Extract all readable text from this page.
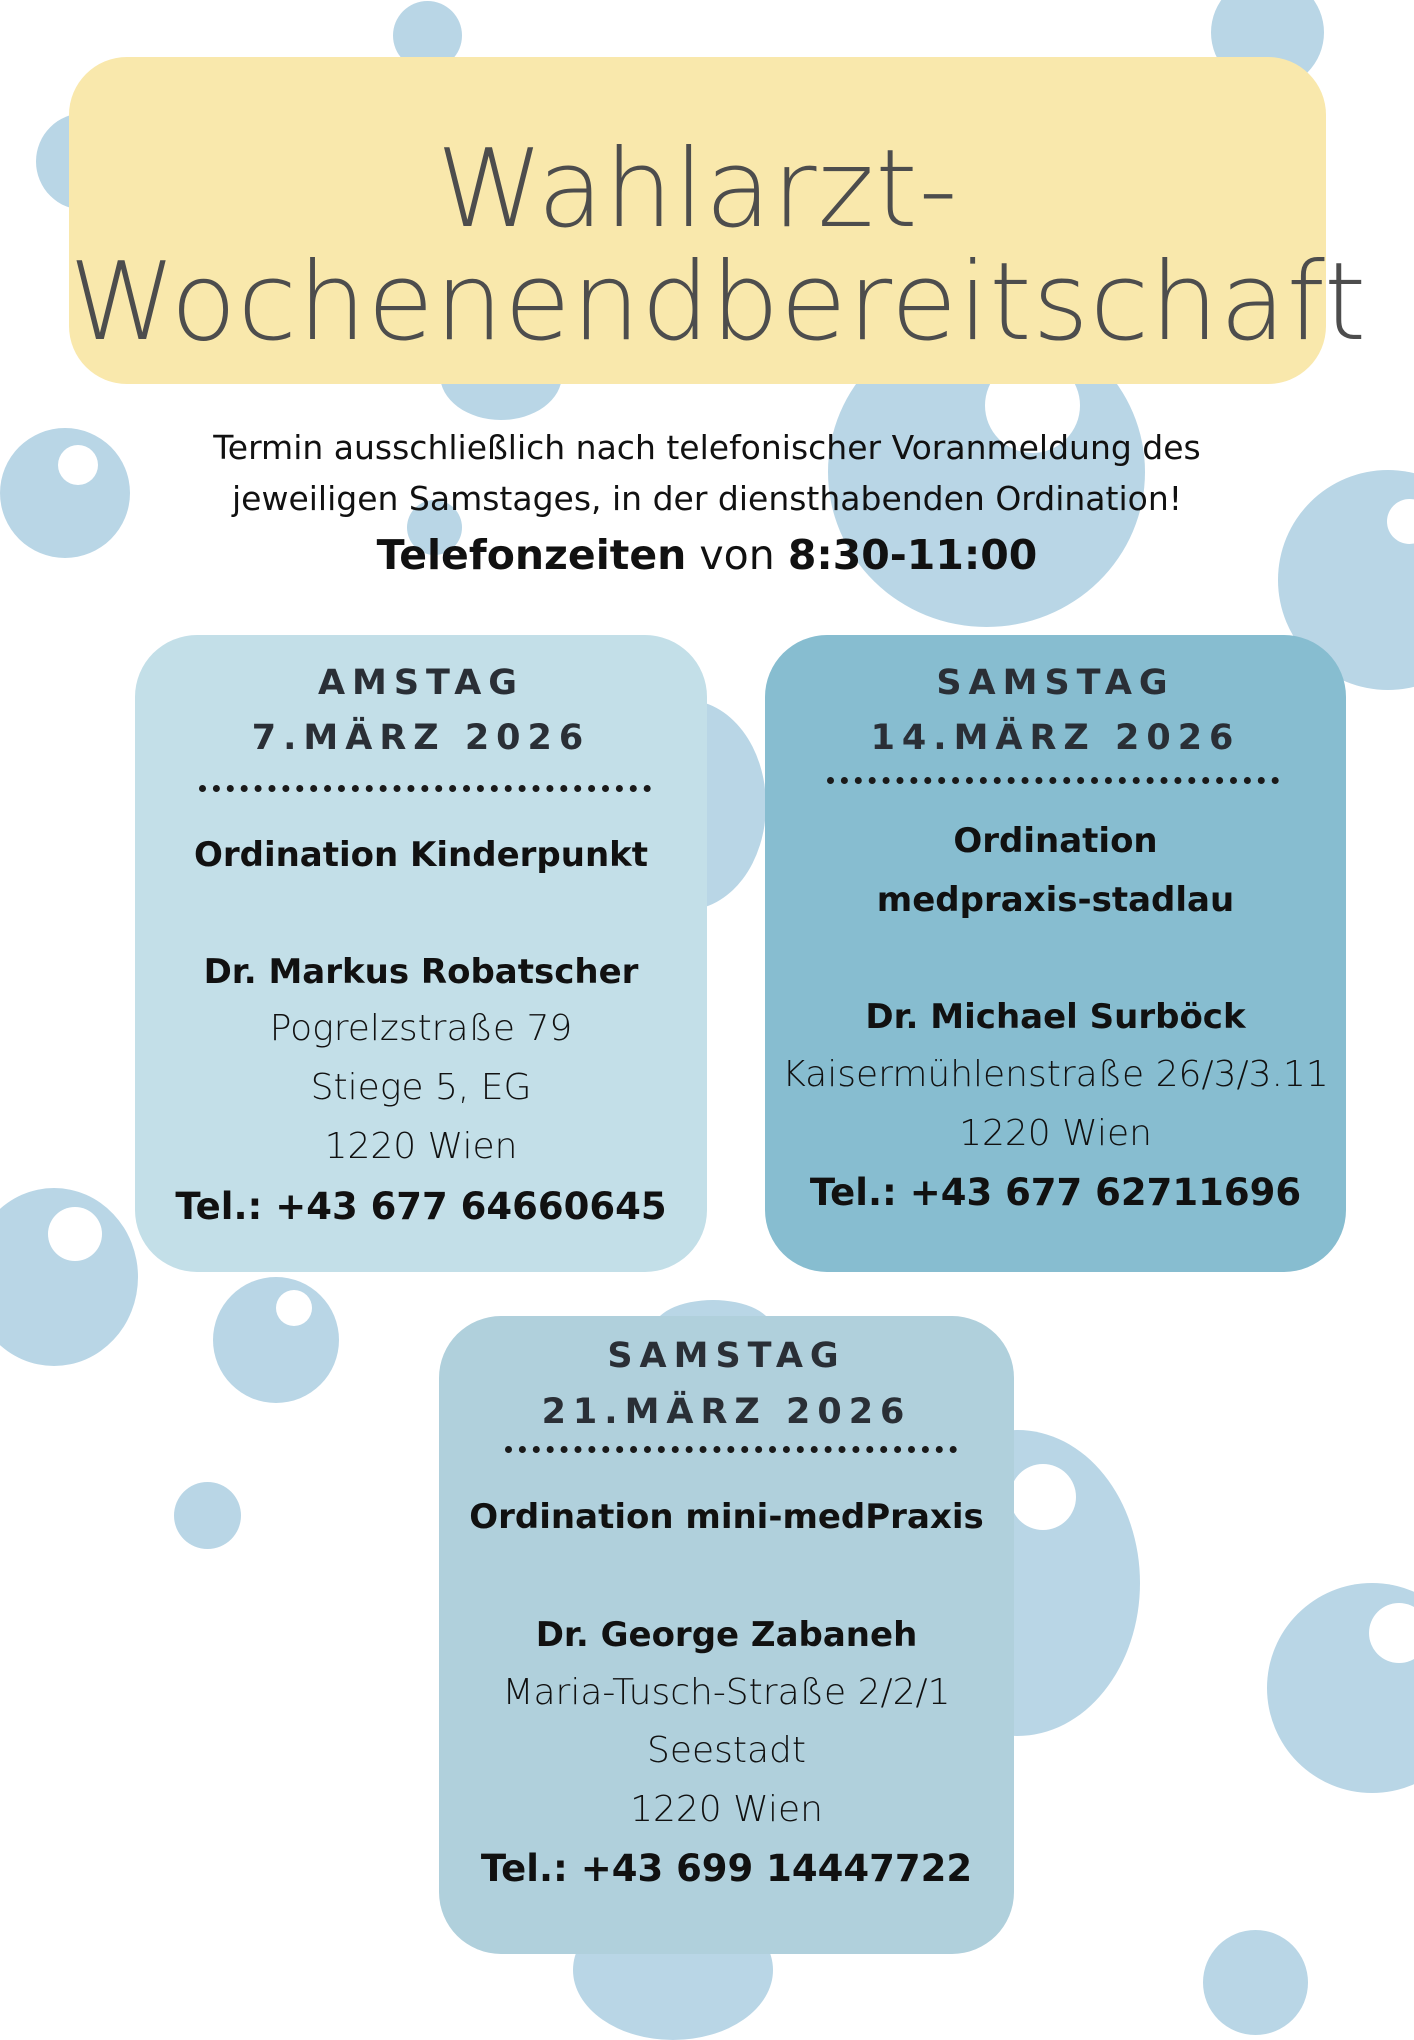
Wahlarzt-
Wochenendbereitschaft
Termin ausschließlich nach telefonischer Voranmeldung des
jeweiligen Samstages, in der diensthabenden Ordination!
Telefonzeiten von 8:30-11:00
AMSTAG
7.MÄRZ 2026
Ordination Kinderpunkt
Dr. Markus Robatscher
Pogrelzstraße 79
Stiege 5, EG
1220 Wien
Tel.: +43 677 64660645
SAMSTAG
14.MÄRZ 2026
Ordination
medpraxis-stadlau
Dr. Michael Surböck
Kaisermühlenstraße 26/3/3.11
1220 Wien
Tel.: +43 677 62711696
SAMSTAG
21.MÄRZ 2026
Ordination mini-medPraxis
Dr. George Zabaneh
Maria-Tusch-Straße 2/2/1
Seestadt
1220 Wien
Tel.: +43 699 14447722
